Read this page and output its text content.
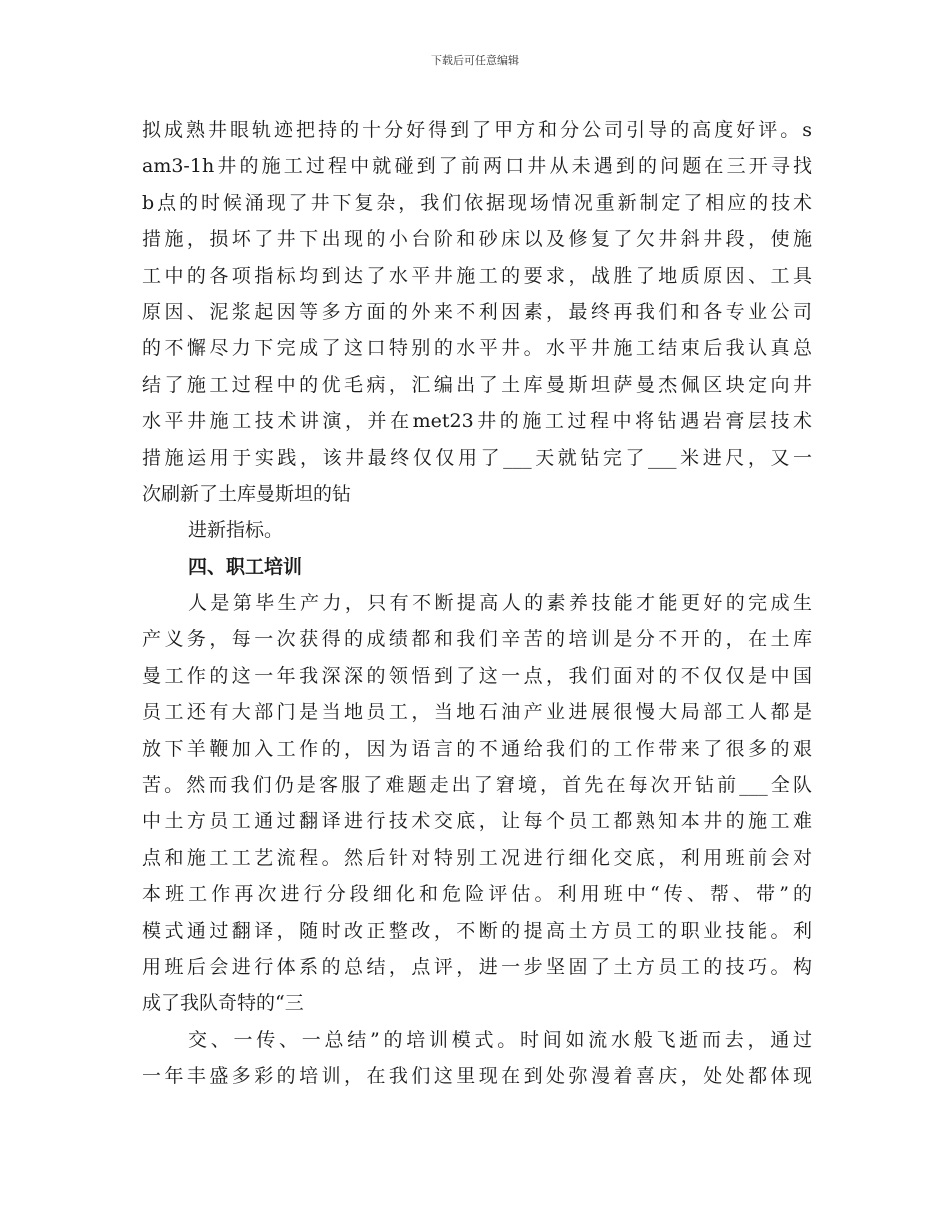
下载后可任意编辑
拟成熟井眼轨迹把持的十分好得到了甲方和分公司引导的高度好评。s
am3-1h井的施工过程中就碰到了前两口井从未遇到的问题在三开寻找
b点的时候涌现了井下复杂，我们依据现场情况重新制定了相应的技术
措施，损坏了井下出现的小台阶和砂床以及修复了欠井斜井段，使施
工中的各项指标均到达了水平井施工的要求，战胜了地质原因、工具
原因、泥浆起因等多方面的外来不利因素，最终再我们和各专业公司
的不懈尽力下完成了这口特别的水平井。水平井施工结束后我认真总
结了施工过程中的优毛病，汇编出了土库曼斯坦萨曼杰佩区块定向井
水平井施工技术讲演，并在met23井的施工过程中将钻遇岩膏层技术
措施运用于实践，该井最终仅仅用了___天就钻完了___米进尺，又一
次刷新了土库曼斯坦的钻
进新指标。
四、职工培训
人是第毕生产力，只有不断提高人的素养技能才能更好的完成生
产义务，每一次获得的成绩都和我们辛苦的培训是分不开的，在土库
曼工作的这一年我深深的领悟到了这一点，我们面对的不仅仅是中国
员工还有大部门是当地员工，当地石油产业进展很慢大局部工人都是
放下羊鞭加入工作的，因为语言的不通给我们的工作带来了很多的艰
苦。然而我们仍是客服了难题走出了窘境，首先在每次开钻前___全队
中土方员工通过翻译进行技术交底，让每个员工都熟知本井的施工难
点和施工工艺流程。然后针对特别工况进行细化交底，利用班前会对
本班工作再次进行分段细化和危险评估。利用班中“传、帮、带”的
模式通过翻译，随时改正整改，不断的提高土方员工的职业技能。利
用班后会进行体系的总结，点评，进一步坚固了土方员工的技巧。构
成了我队奇特的“三
交、一传、一总结”的培训模式。时间如流水般飞逝而去，通过
一年丰盛多彩的培训，在我们这里现在到处弥漫着喜庆，处处都体现
